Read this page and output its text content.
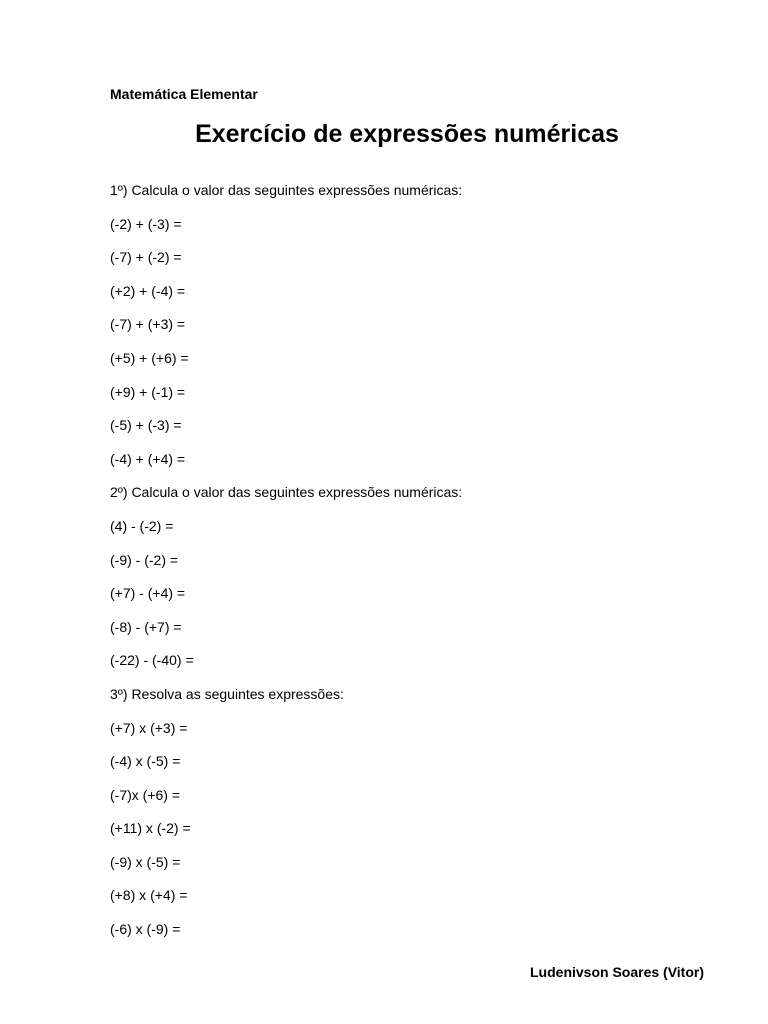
Matemática Elementar
Exercício de expressões numéricas
1º) Calcula o valor das seguintes expressões numéricas:
(-2) + (-3) =
(-7) + (-2) =
(+2) + (-4) =
(-7) + (+3) =
(+5) + (+6) =
(+9) + (-1) =
(-5) + (-3) =
(-4) + (+4) =
2º) Calcula o valor das seguintes expressões numéricas:
(4) - (-2) =
(-9) - (-2) =
(+7) - (+4) =
(-8) - (+7) =
(-22) - (-40) =
3º) Resolva as seguintes expressões:
(+7) x (+3) =
(-4) x (-5) =
(-7)x (+6) =
(+11) x (-2) =
(-9) x (-5) =
(+8) x (+4) =
(-6) x (-9) =
Ludenivson Soares (Vitor)
